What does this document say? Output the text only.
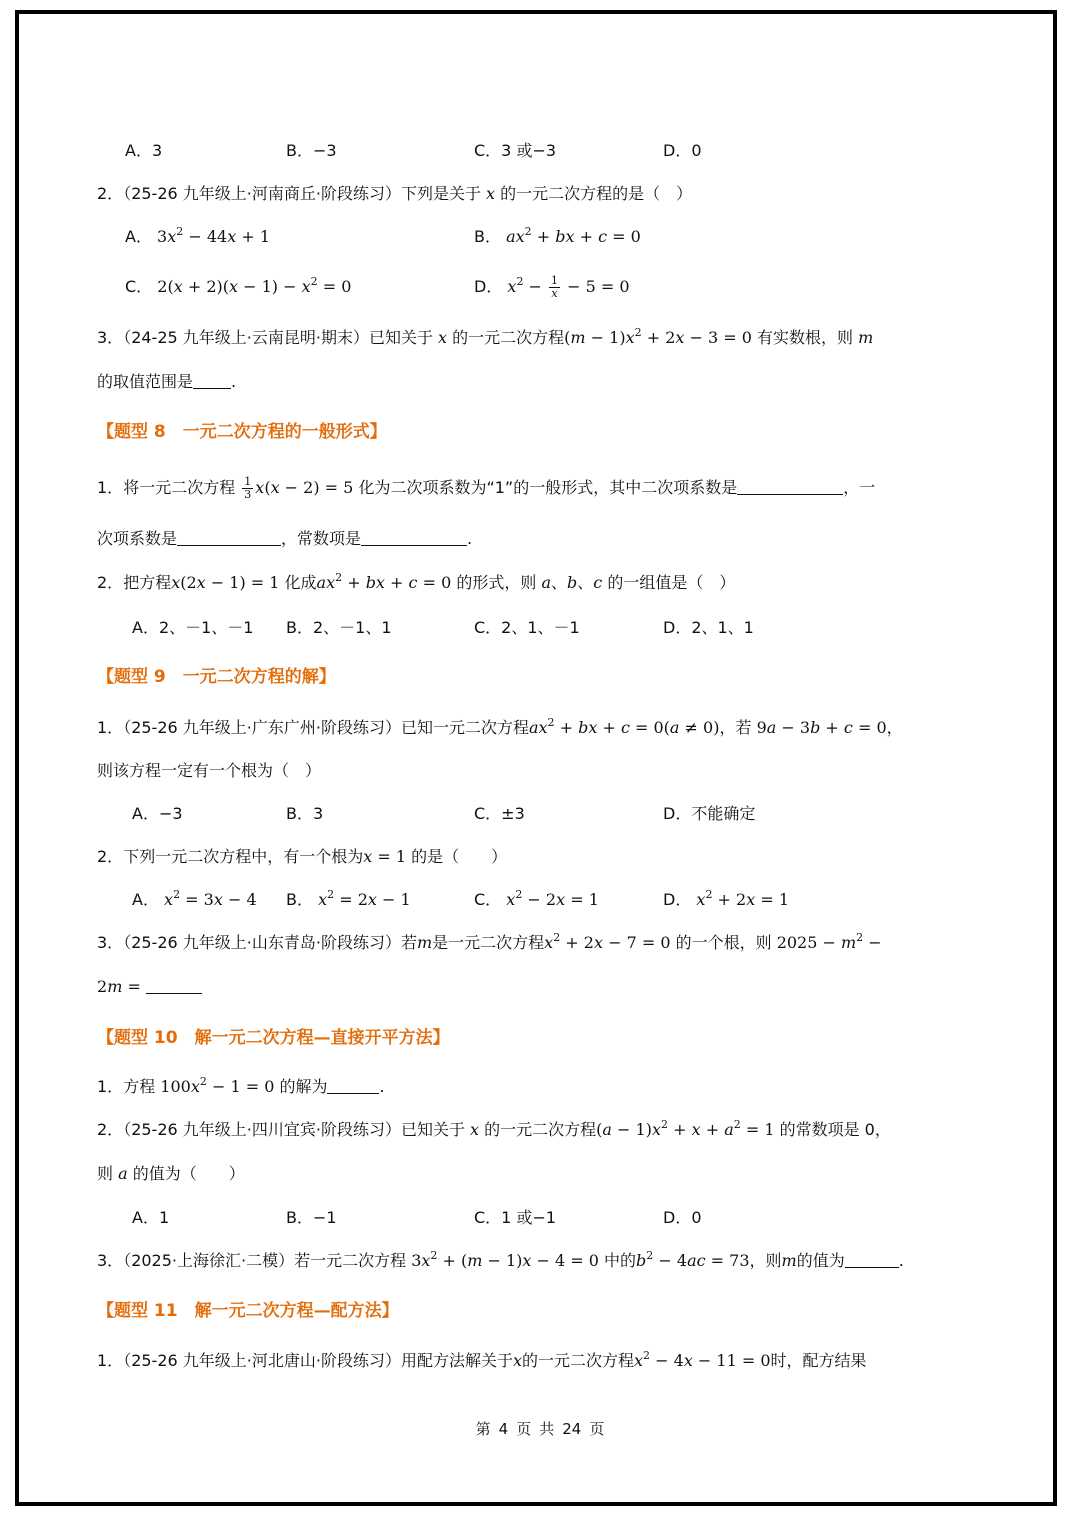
A．3	B．−3	C．3 或−3	D．0
2．（25-26 九年级上·河南商丘·阶段练习）下列是关于 x 的一元二次方程的是（　）
A． $3x^2 - 44x + 1$	B． $ax^2$ + bx + c = 0
C． $2(x + 2)(x - 1) - x^2 = 0$	D． $x^2 - \frac{1}{x} - 5 = 0$
3．（24-25 九年级上·云南昆明·期末）已知关于 x 的一元二次方程$(m - 1)x^2 + 2x - 3 = 0$ 有实数根，则 m
的取值范围是 .
【题型 8　一元二次方程的一般形式】
1．将一元二次方程 $\frac{1}{3} x(x - 2) = 5$ 化为二次项系数为“1”的一般形式，其中二次项系数是	，一
次项系数是	，常数项是	.
2．把方程x(2x − 1) = 1 化成$ax^2$ + bx + c = 0 的形式，则 a、b、c 的一组值是（　）
A．2、－1、－1 B．2、－1、1	C．2、1、－1	D．2、1、1
【题型 9　一元二次方程的解】
1．（25-26 九年级上·广东广州·阶段练习）已知一元二次方程$ax^2$ + bx + c = 0(a ≠ 0)，若 9a − 3b + c = 0，
则该方程一定有一个根为（　）
A．−3	B．3	C．±3	D．不能确定
2．下列一元二次方程中，有一个根为x = 1 的是（　　）
A． $x^2 = 3x - 4$ B． $x^2 = 2x - 1$	C． $x^2 - 2x = 1$	D． $x^2 + 2x = 1$
3．（25-26 九年级上·山东青岛·阶段练习）若m是一元二次方程$x^2 + 2x - 7 = 0$ 的一个根，则 $2025 - m^2$ −
2m =
【题型 10　解一元二次方程—直接开平方法】
1．方程 $100x^2 - 1 = 0$ 的解为	.
2．（25-26 九年级上·四川宜宾·阶段练习）已知关于 x 的一元二次方程$(a - 1)x^2 + x + a^2 = 1$ 的常数项是 0，
则 a 的值为（　　）
A．1	B．−1	C．1 或−1	D．0
3．（2025·上海徐汇·二模）若一元二次方程 $3x^2 + (m - 1)x - 4 = 0$ 中的$b^2 - 4ac = 73$，则m的值为	.
【题型 11　解一元二次方程—配方法】
1．（25-26 九年级上·河北唐山·阶段练习）用配方法解关于x的一元二次方程$x^2 - 4x - 11 = 0$时，配方结果
第 4 页 共 24 页
